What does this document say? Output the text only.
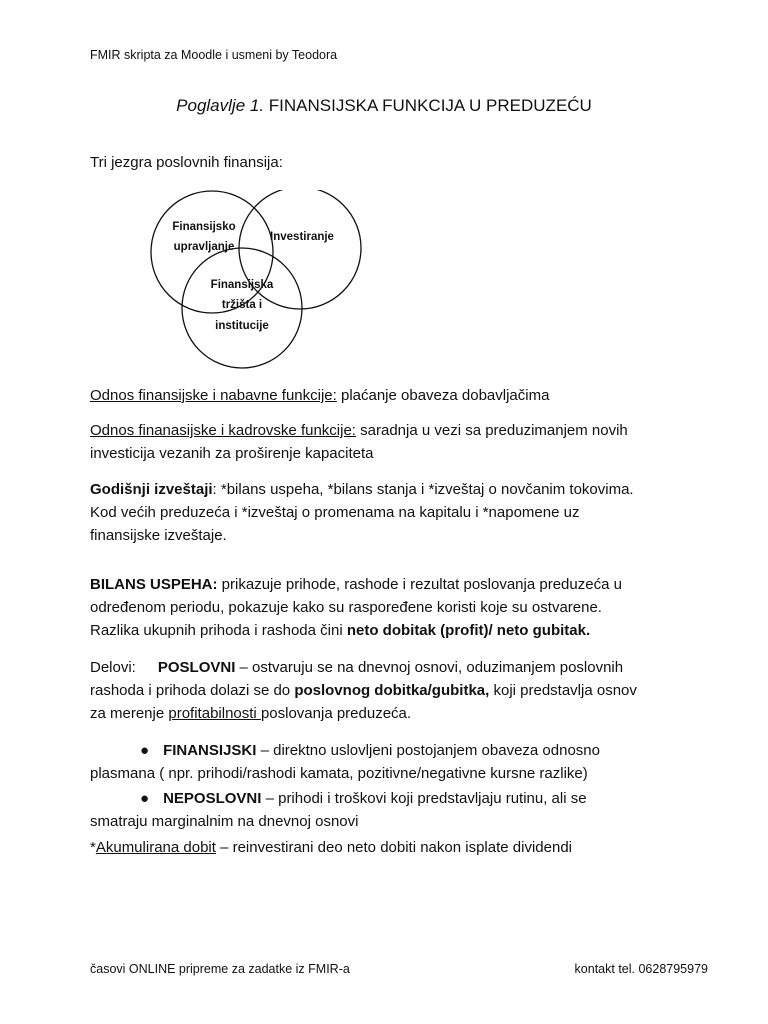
FMIR skripta za Moodle i usmeni by Teodora
Poglavlje 1. FINANSIJSKA FUNKCIJA U PREDUZEĆU
Tri jezgra poslovnih finansija:
Finansijsko
upravljanje
Investiranje
Finansijska
tržišta i
institucije
Odnos finansijske i nabavne funkcije: plaćanje obaveza dobavljačima
Odnos finanasijske i kadrovske funkcije: saradnja u vezi sa preduzimanjem novih
investicija vezanih za proširenje kapaciteta
Godišnji izveštaji: *bilans uspeha, *bilans stanja i *izveštaj o novčanim tokovima.
Kod većih preduzeća i *izveštaj o promenama na kapitalu i *napomene uz
finansijske izveštaje.
BILANS USPEHA: prikazuje prihode, rashode i rezultat poslovanja preduzeća u
određenom periodu, pokazuje kako su raspoređene koristi koje su ostvarene.
Razlika ukupnih prihoda i rashoda čini neto dobitak (profit)/ neto gubitak.
Delovi: POSLOVNI – ostvaruju se na dnevnoj osnovi, oduzimanjem poslovnih
rashoda i prihoda dolazi se do poslovnog dobitka/gubitka, koji predstavlja osnov
za merenje profitabilnosti poslovanja preduzeća.
● FINANSIJSKI – direktno uslovljeni postojanjem obaveza odnosno
plasmana ( npr. prihodi/rashodi kamata, pozitivne/negativne kursne razlike)
● NEPOSLOVNI – prihodi i troškovi koji predstavljaju rutinu, ali se
smatraju marginalnim na dnevnoj osnovi
*Akumulirana dobit – reinvestirani deo neto dobiti nakon isplate dividendi
časovi ONLINE pripreme za zadatke iz FMIR-a	kontakt tel. 0628795979
